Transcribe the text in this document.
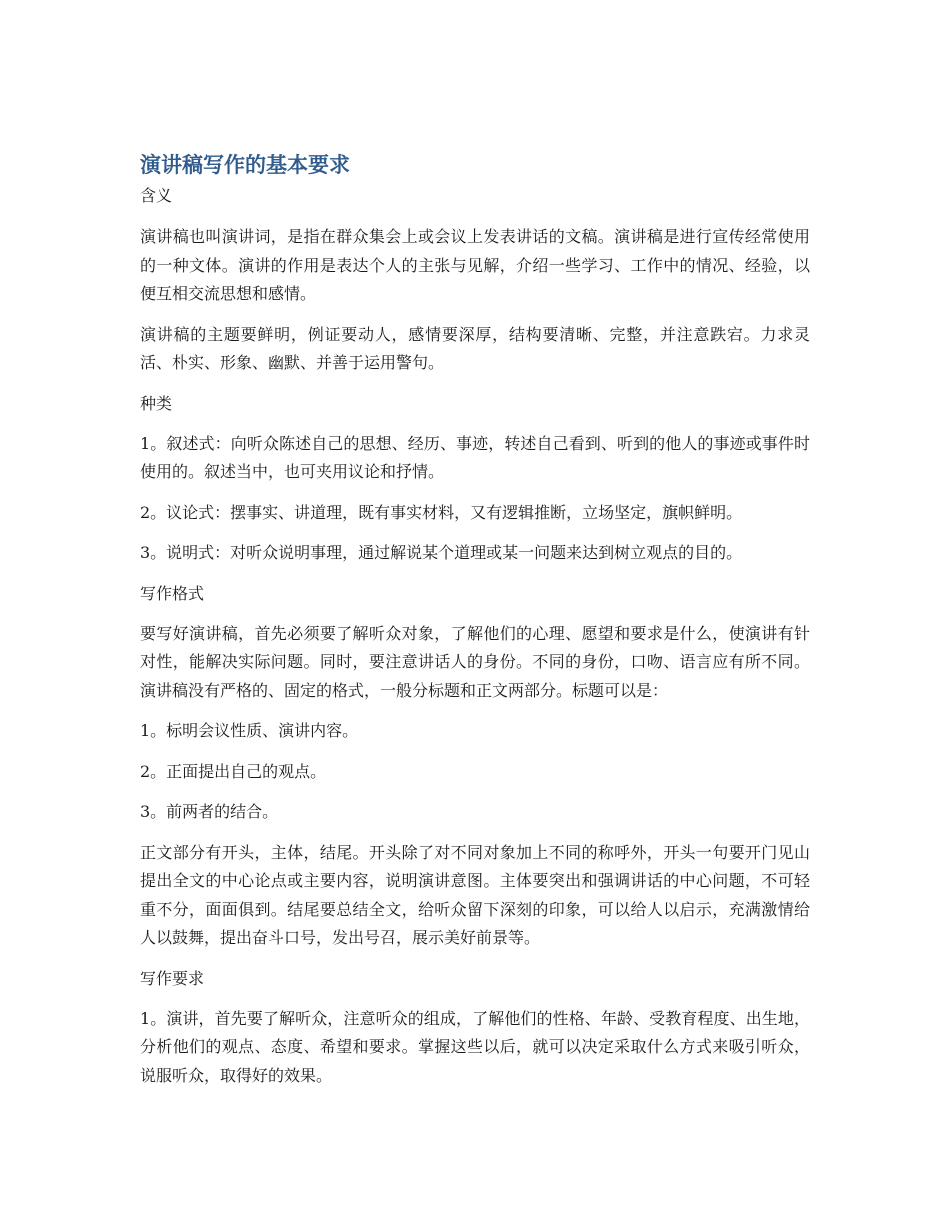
演讲稿写作的基本要求
含义

演讲稿也叫演讲词，是指在群众集会上或会议上发表讲话的文稿。演讲稿是进行宣传经常使用的一种文体。演讲的作用是表达个人的主张与见解，介绍一些学习、工作中的情况、经验，以便互相交流思想和感情。

演讲稿的主题要鲜明，例证要动人，感情要深厚，结构要清晰、完整，并注意跌宕。力求灵活、朴实、形象、幽默、并善于运用警句。

种类

1。叙述式：向听众陈述自己的思想、经历、事迹，转述自己看到、听到的他人的事迹或事件时使用的。叙述当中，也可夹用议论和抒情。

2。议论式：摆事实、讲道理，既有事实材料，又有逻辑推断，立场坚定，旗帜鲜明。

3。说明式：对听众说明事理，通过解说某个道理或某一问题来达到树立观点的目的。

写作格式

要写好演讲稿，首先必须要了解听众对象，了解他们的心理、愿望和要求是什么，使演讲有针对性，能解决实际问题。同时，要注意讲话人的身份。不同的身份，口吻、语言应有所不同。演讲稿没有严格的、固定的格式，一般分标题和正文两部分。标题可以是：

1。标明会议性质、演讲内容。

2。正面提出自己的观点。

3。前两者的结合。

正文部分有开头，主体，结尾。开头除了对不同对象加上不同的称呼外，开头一句要开门见山提出全文的中心论点或主要内容，说明演讲意图。主体要突出和强调讲话的中心问题，不可轻重不分，面面俱到。结尾要总结全文，给听众留下深刻的印象，可以给人以启示，充满激情给人以鼓舞，提出奋斗口号，发出号召，展示美好前景等。

写作要求

1。演讲，首先要了解听众，注意听众的组成，了解他们的性格、年龄、受教育程度、出生地，分析他们的观点、态度、希望和要求。掌握这些以后，就可以决定采取什么方式来吸引听众，说服听众，取得好的效果。
